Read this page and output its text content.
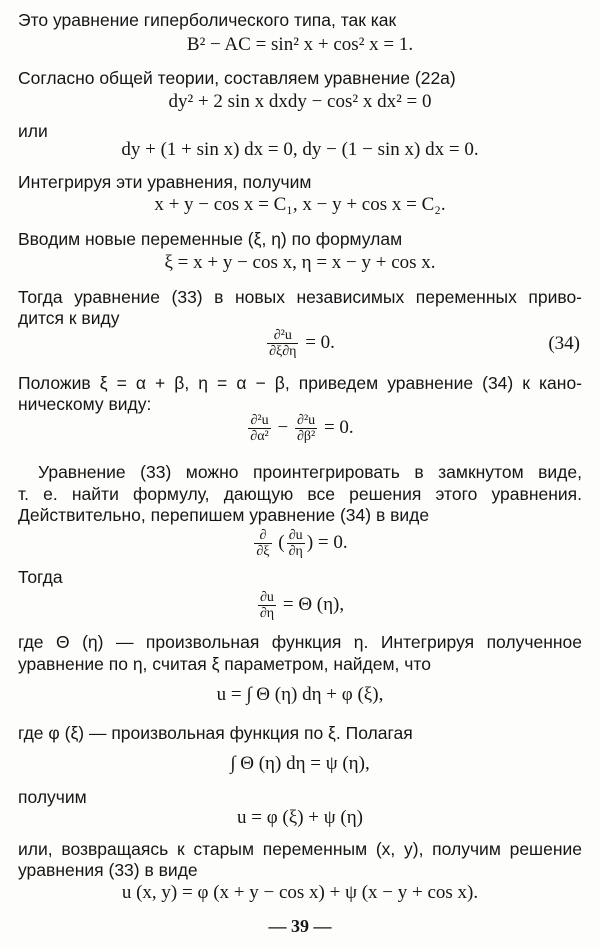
Это уравнение гиперболического типа, так как
B² − AC = sin² x + cos² x = 1.
Согласно общей теории, составляем уравнение (22а)
dy² + 2 sin x dxdy − cos² x dx² = 0
или
dy + (1 + sin x) dx = 0, dy − (1 − sin x) dx = 0.
Интегрируя эти уравнения, получим
x + y − cos x = C₁, x − y + cos x = C₂.
Вводим новые переменные (ξ, η) по формулам
ξ = x + y − cos x, η = x − y + cos x.
Тогда уравнение (33) в новых независимых переменных приво-
дится к виду
$\frac{\text{∂²u}}{\partial\xi\partial\eta} = 0$.	(34)
Положив ξ = α + β, η = α − β, приведем уравнение (34) к кано-
ническому виду:
$\frac{\text{∂²u}}{\text{∂α²}} - \frac{\text{∂²u}}{\text{∂β²}} = 0$.
Уравнение (33) можно проинтегрировать в замкнутом виде,
т. е. найти формулу, дающую все решения этого уравнения.
Действительно, перепишем уравнение (34) в виде
$\frac{\partial}{\partial\xi}$ ( $\frac{\partial u}{\partial\eta}$ ) = 0.
Тогда
$\frac{\partial u}{\partial\eta} = \Theta$ (η),
где Θ (η) — произвольная функция η. Интегрируя полученное
уравнение по η, считая ξ параметром, найдем, что
u = ∫ Θ (η) dη + φ (ξ),
где φ (ξ) — произвольная функция по ξ. Полагая
∫ Θ (η) dη = ψ (η),
получим
u = φ (ξ) + ψ (η)
или, возвращаясь к старым переменным (x, y), получим решение
уравнения (33) в виде
u (x, y) = φ (x + y − cos x) + ψ (x − y + cos x).
— 39 —
